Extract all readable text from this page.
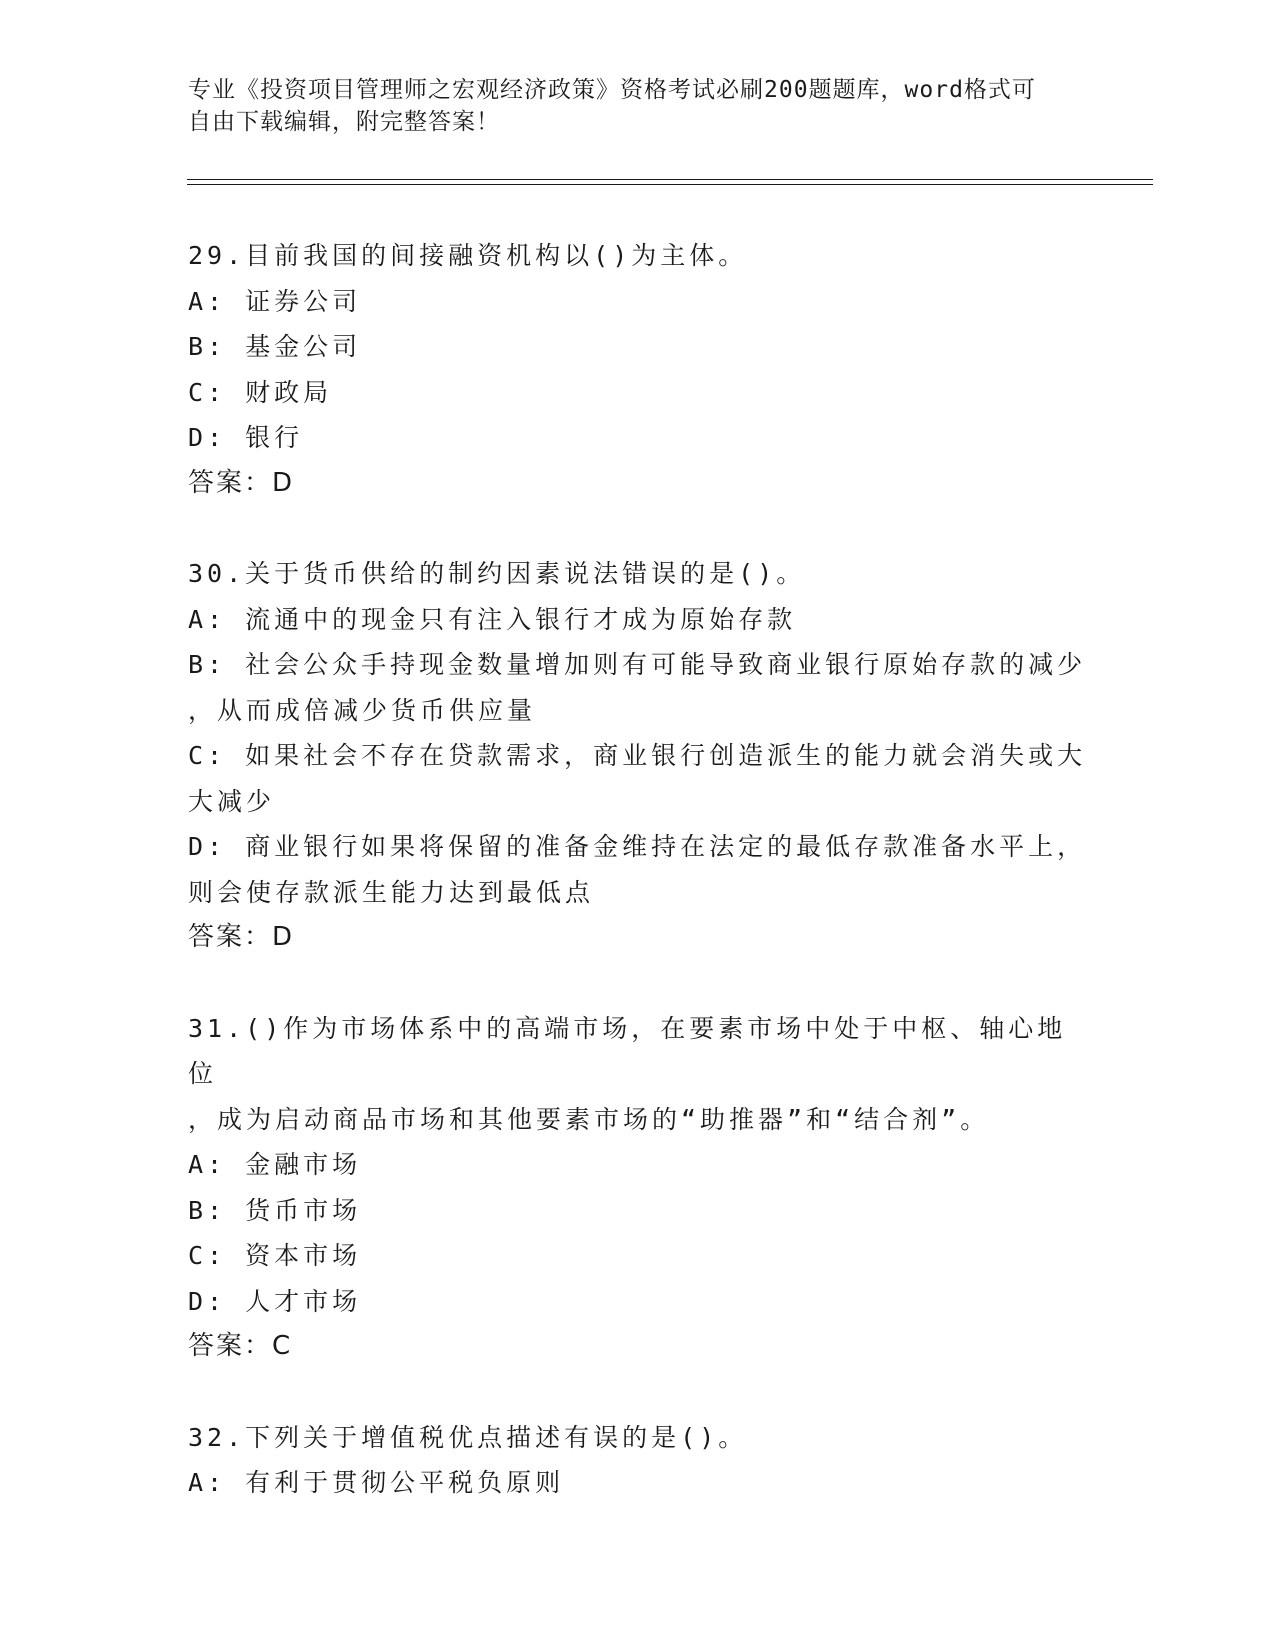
专业《投资项目管理师之宏观经济政策》资格考试必刷200题题库，word格式可
自由下载编辑，附完整答案！
29.目前我国的间接融资机构以()为主体。
A: 证券公司
B: 基金公司
C: 财政局
D: 银行
答案：D
30.关于货币供给的制约因素说法错误的是()。
A: 流通中的现金只有注入银行才成为原始存款
B: 社会公众手持现金数量增加则有可能导致商业银行原始存款的减少
，从而成倍减少货币供应量
C: 如果社会不存在贷款需求，商业银行创造派生的能力就会消失或大
大减少
D: 商业银行如果将保留的准备金维持在法定的最低存款准备水平上，
则会使存款派生能力达到最低点
答案：D
31.()作为市场体系中的高端市场，在要素市场中处于中枢、轴心地位
，成为启动商品市场和其他要素市场的“助推器”和“结合剂”。
A: 金融市场
B: 货币市场
C: 资本市场
D: 人才市场
答案：C
32.下列关于增值税优点描述有误的是()。
A: 有利于贯彻公平税负原则
